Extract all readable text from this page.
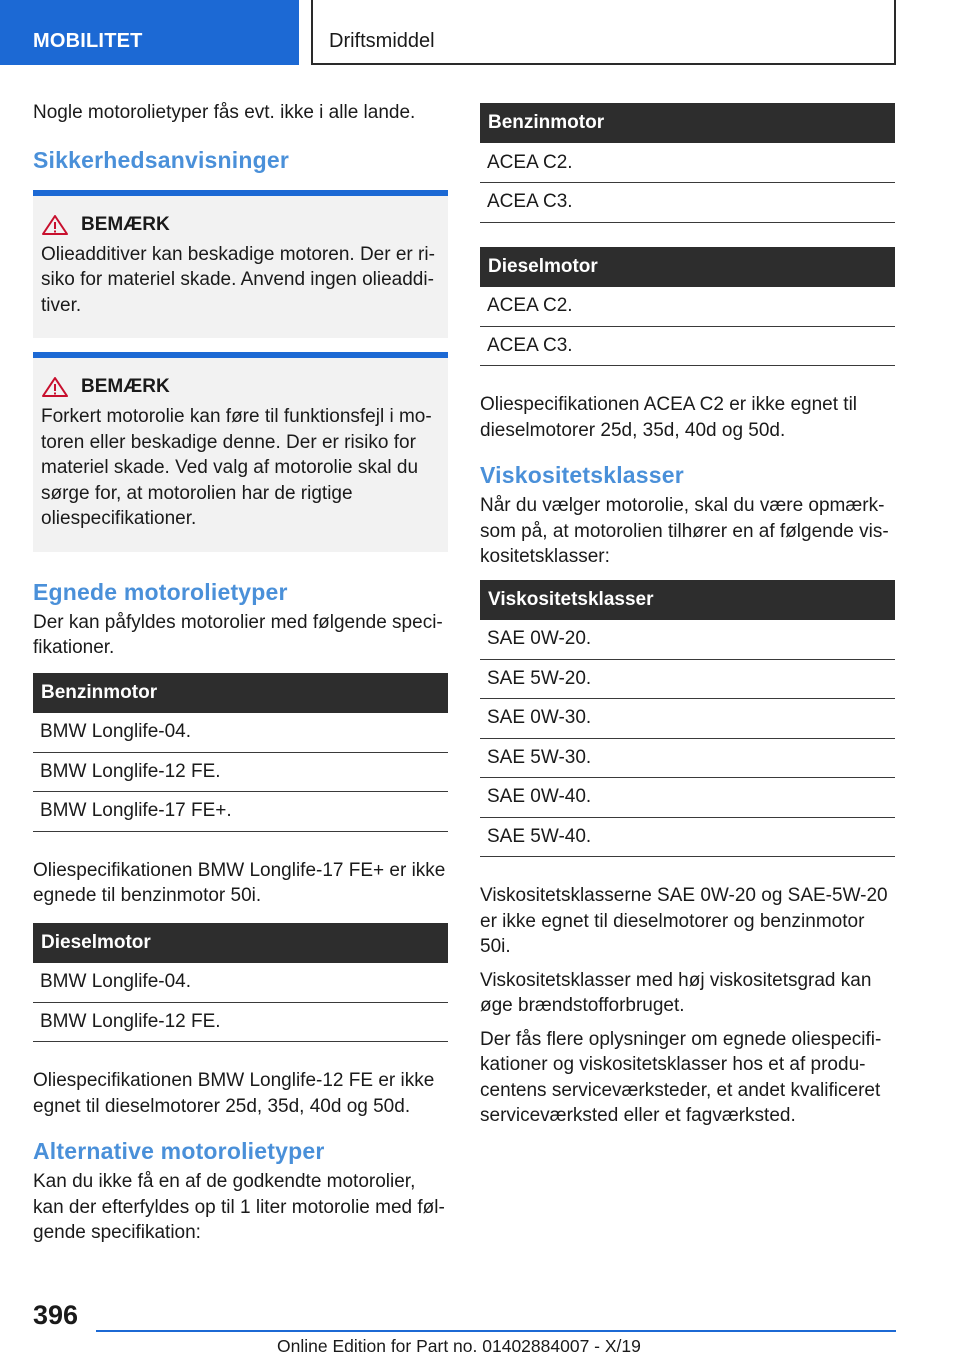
MOBILITET	Driftsmiddel

Nogle motorolietyper fås evt. ikke i alle lande.

Sikkerhedsanvisninger
BEMÆRK
Olieadditiver kan beskadige motoren. Der er risiko for materiel skade. Anvend ingen olieadditiver.
BEMÆRK
Forkert motorolie kan føre til funktionsfejl i motoren eller beskadige denne. Der er risiko for materiel skade. Ved valg af motorolie skal du sørge for, at motorolien har de rigtige oliespecifikationer.
Egnede motorolietyper

Der kan påfyldes motorolier med følgende specifikationer.

Benzinmotor
BMW Longlife-04.
BMW Longlife-12 FE.
BMW Longlife-17 FE+.

Oliespecifikationen BMW Longlife-17 FE+ er ikke egnede til benzinmotor 50i.

Dieselmotor
BMW Longlife-04.
BMW Longlife-12 FE.

Oliespecifikationen BMW Longlife-12 FE er ikke egnet til dieselmotorer 25d, 35d, 40d og 50d.

Alternative motorolietyper

Kan du ikke få en af de godkendte motorolier, kan der efterfyldes op til 1 liter motorolie med følgende specifikation:

Benzinmotor
ACEA C2.
ACEA C3.
Dieselmotor
ACEA C2.
ACEA C3.

Oliespecifikationen ACEA C2 er ikke egnet til dieselmotorer 25d, 35d, 40d og 50d.

Viskositetsklasser

Når du vælger motorolie, skal du være opmærksom på, at motorolien tilhører en af følgende viskositetsklasser:

Viskositetsklasser
SAE 0W-20.
SAE 5W-20.
SAE 0W-30.
SAE 5W-30.
SAE 0W-40.
SAE 5W-40.

Viskositetsklasserne SAE 0W-20 og SAE-5W-20 er ikke egnet til dieselmotorer og benzinmotor 50i.

Viskositetsklasser med høj viskositetsgrad kan øge brændstofforbruget.

Der fås flere oplysninger om egnede oliespecifikationer og viskositetsklasser hos et af producentens serviceværksteder, et andet kvalificeret serviceværksted eller et fagværksted.

396
Online Edition for Part no. 01402884007 - X/19
